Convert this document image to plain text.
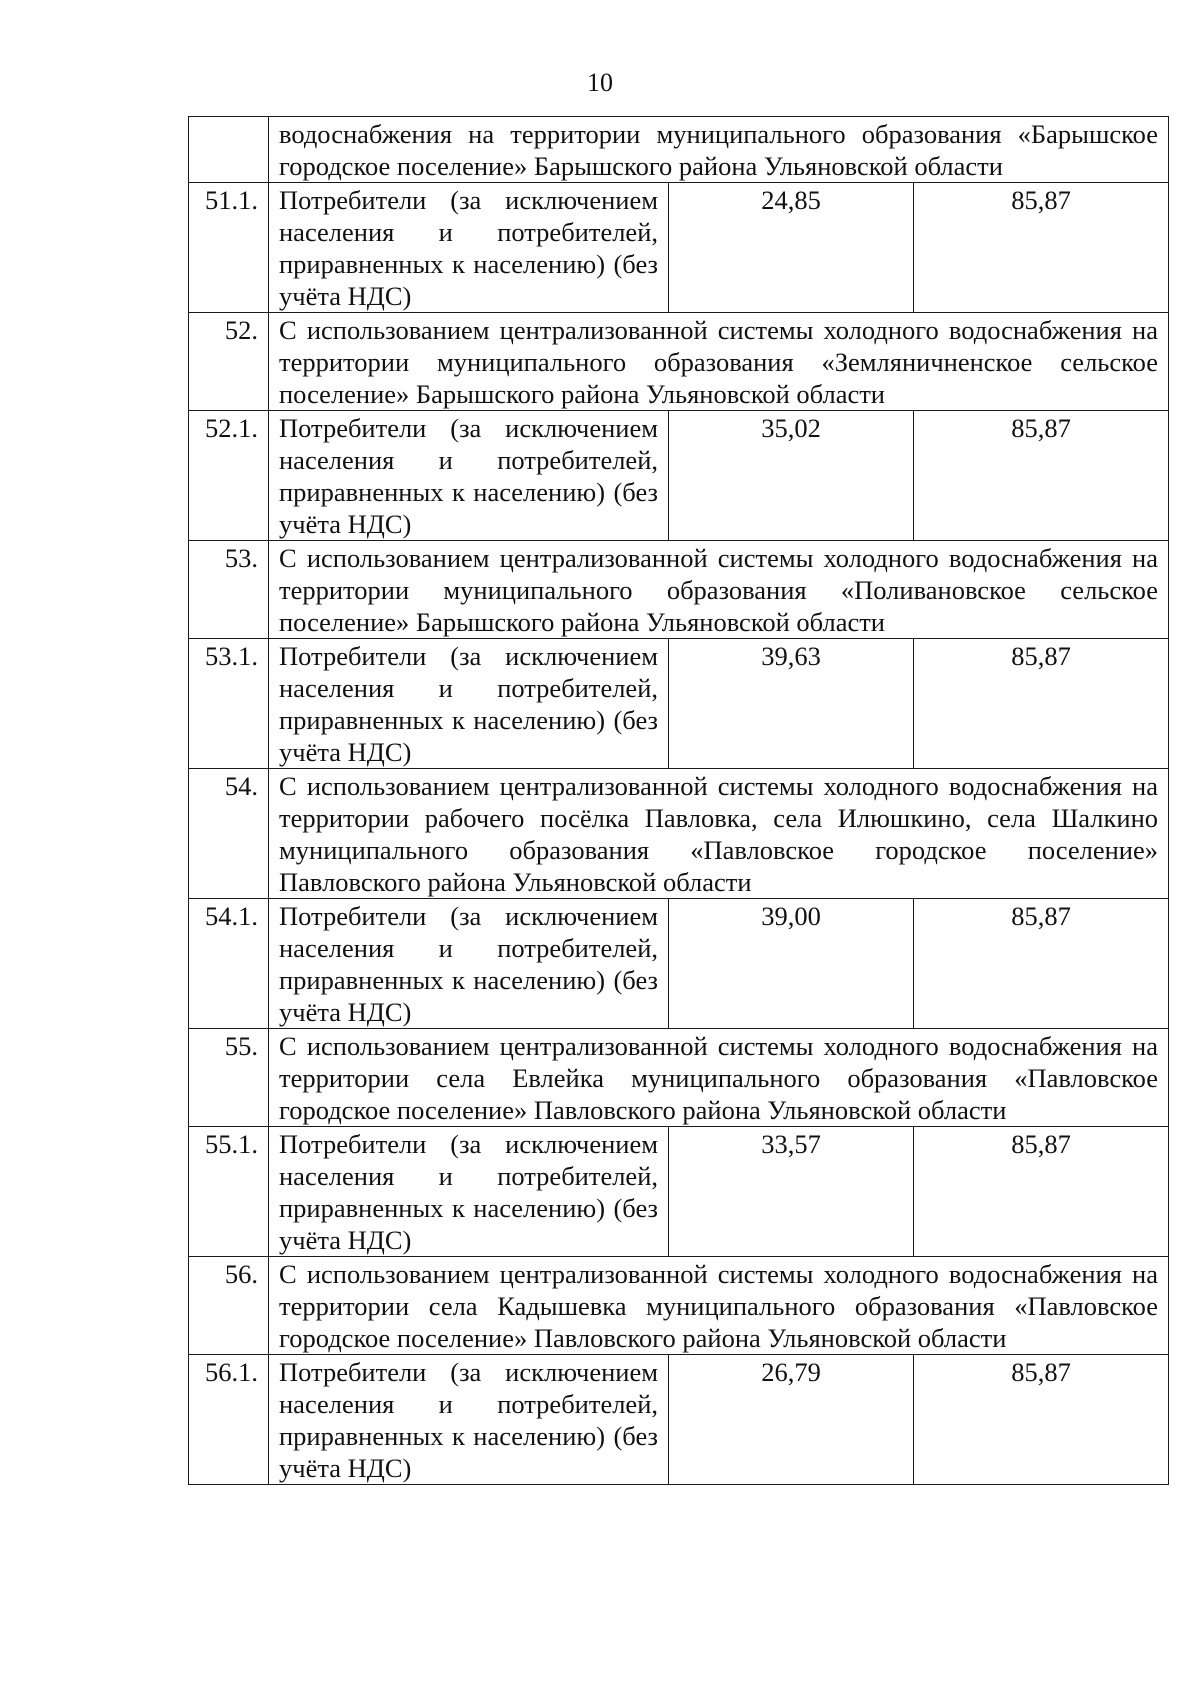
10
	водоснабжения на территории муниципального образования «Барышское городское поселение» Барышского района Ульяновской области		
51.1.	Потребители (за исключением населения и потребителей, приравненных к населению) (без учёта НДС)	24,85	85,87
52.	С использованием централизованной системы холодного водоснабжения на территории муниципального образования «Земляничненское сельское поселение» Барышского района Ульяновской области		
52.1.	Потребители (за исключением населения и потребителей, приравненных к населению) (без учёта НДС)	35,02	85,87
53.	С использованием централизованной системы холодного водоснабжения на территории муниципального образования «Поливановское сельское поселение» Барышского района Ульяновской области		
53.1.	Потребители (за исключением населения и потребителей, приравненных к населению) (без учёта НДС)	39,63	85,87
54.	С использованием централизованной системы холодного водоснабжения на территории рабочего посёлка Павловка, села Илюшкино, села Шалкино муниципального образования «Павловское городское поселение» Павловского района Ульяновской области		
54.1.	Потребители (за исключением населения и потребителей, приравненных к населению) (без учёта НДС)	39,00	85,87
55.	С использованием централизованной системы холодного водоснабжения на территории села Евлейка муниципального образования «Павловское городское поселение» Павловского района Ульяновской области		
55.1.	Потребители (за исключением населения и потребителей, приравненных к населению) (без учёта НДС)	33,57	85,87
56.	С использованием централизованной системы холодного водоснабжения на территории села Кадышевка муниципального образования «Павловское городское поселение» Павловского района Ульяновской области		
56.1.	Потребители (за исключением населения и потребителей, приравненных к населению) (без учёта НДС)	26,79	85,87
